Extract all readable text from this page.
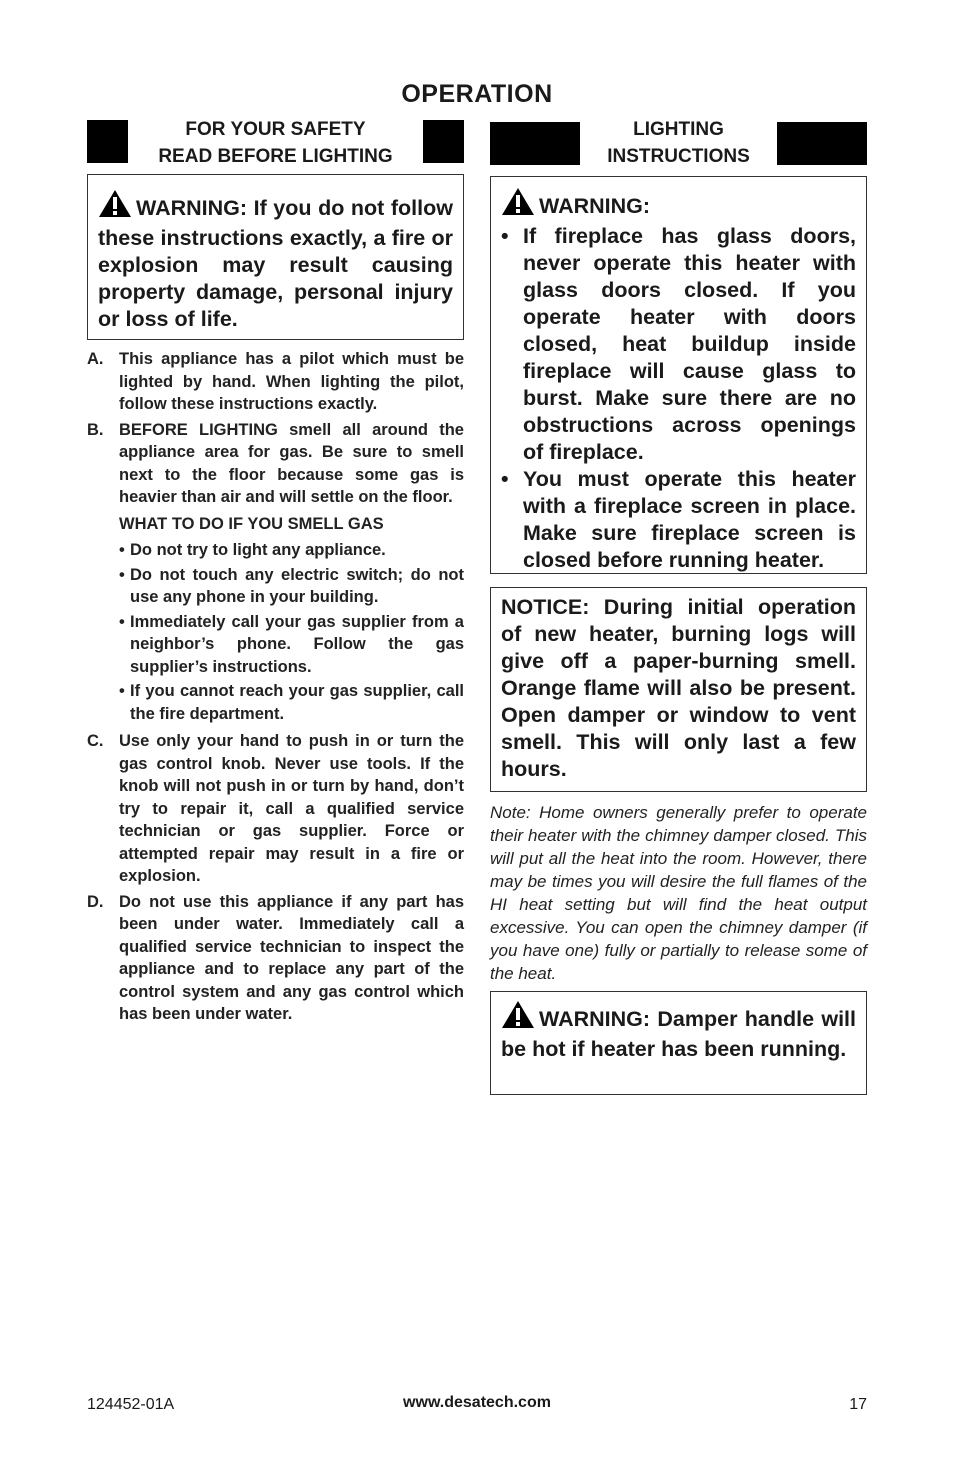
OPERATION
FOR YOUR SAFETY
READ BEFORE LIGHTING
WARNING: If you do not follow these instructions exactly, a fire or explosion may result causing property damage, personal injury or loss of life.
A. This appliance has a pilot which must be lighted by hand. When lighting the pilot, follow these instructions exactly.
B. BEFORE LIGHTING smell all around the appliance area for gas. Be sure to smell next to the floor because some gas is heavier than air and will settle on the floor.
WHAT TO DO IF YOU SMELL GAS
• Do not try to light any appliance.
• Do not touch any electric switch; do not use any phone in your building.
• Immediately call your gas supplier from a neighbor’s phone. Follow the gas supplier’s instructions.
• If you cannot reach your gas supplier, call the fire department.
C. Use only your hand to push in or turn the gas control knob. Never use tools. If the knob will not push in or turn by hand, don’t try to repair it, call a qualified service technician or gas supplier. Force or attempted repair may result in a fire or explosion.
D. Do not use this appliance if any part has been under water. Immediately call a qualified service technician to inspect the appliance and to replace any part of the control system and any gas control which has been under water.
LIGHTING
INSTRUCTIONS
WARNING:
• If fireplace has glass doors, never operate this heater with glass doors closed. If you operate heater with doors closed, heat buildup inside fireplace will cause glass to burst. Make sure there are no obstructions across openings of fireplace.
• You must operate this heater with a fireplace screen in place. Make sure fireplace screen is closed before running heater.
NOTICE: During initial operation of new heater, burning logs will give off a paper-burning smell. Orange flame will also be present. Open damper or window to vent smell. This will only last a few hours.
Note: Home owners generally prefer to operate their heater with the chimney damper closed. This will put all the heat into the room. However, there may be times you will desire the full flames of the HI heat setting but will find the heat output excessive. You can open the chimney damper (if you have one) fully or partially to release some of the heat.
WARNING: Damper handle will be hot if heater has been running.
124452-01A	www.desatech.com	17
